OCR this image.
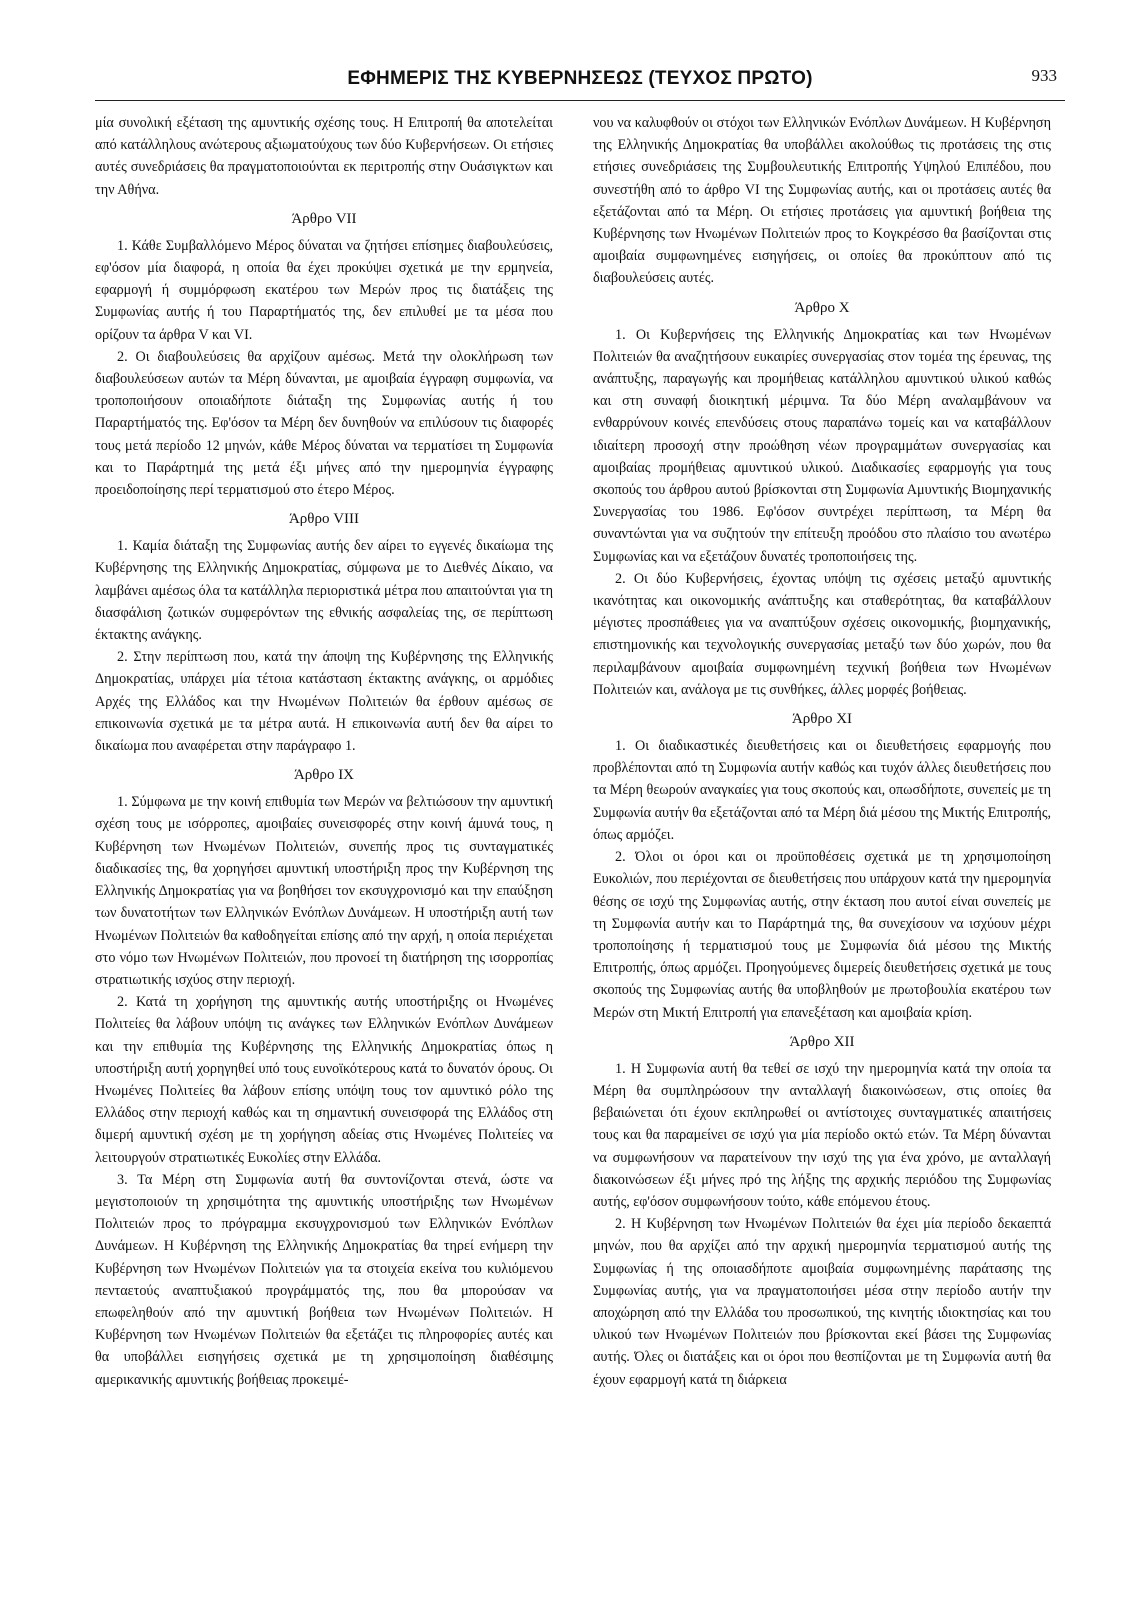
ΕΦΗΜΕΡΙΣ ΤΗΣ ΚΥΒΕΡΝΗΣΕΩΣ (ΤΕΥΧΟΣ ΠΡΩΤΟ)	933

μία συνολική εξέταση της αμυντικής σχέσης τους. Η Επιτροπή θα αποτελείται από κατάλληλους ανώτερους αξιωματούχους των δύο Κυβερνήσεων. Οι ετήσιες αυτές συνεδριάσεις θα πραγματοποιούνται εκ περιτροπής στην Ουάσιγκτων και την Αθήνα.

Άρθρο VII

1. Κάθε Συμβαλλόμενο Μέρος δύναται να ζητήσει επίσημες διαβουλεύσεις, εφ'όσον μία διαφορά, η οποία θα έχει προκύψει σχετικά με την ερμηνεία, εφαρμογή ή συμμόρφωση εκατέρου των Μερών προς τις διατάξεις της Συμφωνίας αυτής ή του Παραρτήματός της, δεν επιλυθεί με τα μέσα που ορίζουν τα άρθρα V και VI.

2. Οι διαβουλεύσεις θα αρχίζουν αμέσως. Μετά την ολοκλήρωση των διαβουλεύσεων αυτών τα Μέρη δύνανται, με αμοιβαία έγγραφη συμφωνία, να τροποποιήσουν οποιαδήποτε διάταξη της Συμφωνίας αυτής ή του Παραρτήματός της. Εφ'όσον τα Μέρη δεν δυνηθούν να επιλύσουν τις διαφορές τους μετά περίοδο 12 μηνών, κάθε Μέρος δύναται να τερματίσει τη Συμφωνία και το Παράρτημά της μετά έξι μήνες από την ημερομηνία έγγραφης προειδοποίησης περί τερματισμού στο έτερο Μέρος.

Άρθρο VIII

1. Καμία διάταξη της Συμφωνίας αυτής δεν αίρει το εγγενές δικαίωμα της Κυβέρνησης της Ελληνικής Δημοκρατίας, σύμφωνα με το Διεθνές Δίκαιο, να λαμβάνει αμέσως όλα τα κατάλληλα περιοριστικά μέτρα που απαιτούνται για τη διασφάλιση ζωτικών συμφερόντων της εθνικής ασφαλείας της, σε περίπτωση έκτακτης ανάγκης.

2. Στην περίπτωση που, κατά την άποψη της Κυβέρνησης της Ελληνικής Δημοκρατίας, υπάρχει μία τέτοια κατάσταση έκτακτης ανάγκης, οι αρμόδιες Αρχές της Ελλάδος και την Ηνωμένων Πολιτειών θα έρθουν αμέσως σε επικοινωνία σχετικά με τα μέτρα αυτά. Η επικοινωνία αυτή δεν θα αίρει το δικαίωμα που αναφέρεται στην παράγραφο 1.

Άρθρο IX

1. Σύμφωνα με την κοινή επιθυμία των Μερών να βελτιώσουν την αμυντική σχέση τους με ισόρροπες, αμοιβαίες συνεισφορές στην κοινή άμυνά τους, η Κυβέρνηση των Ηνωμένων Πολιτειών, συνεπής προς τις συνταγματικές διαδικασίες της, θα χορηγήσει αμυντική υποστήριξη προς την Κυβέρνηση της Ελληνικής Δημοκρατίας για να βοηθήσει τον εκσυγχρονισμό και την επαύξηση των δυνατοτήτων των Ελληνικών Ενόπλων Δυνάμεων. Η υποστήριξη αυτή των Ηνωμένων Πολιτειών θα καθοδηγείται επίσης από την αρχή, η οποία περιέχεται στο νόμο των Ηνωμένων Πολιτειών, που προνοεί τη διατήρηση της ισορροπίας στρατιωτικής ισχύος στην περιοχή.

2. Κατά τη χορήγηση της αμυντικής αυτής υποστήριξης οι Ηνωμένες Πολιτείες θα λάβουν υπόψη τις ανάγκες των Ελληνικών Ενόπλων Δυνάμεων και την επιθυμία της Κυβέρνησης της Ελληνικής Δημοκρατίας όπως η υποστήριξη αυτή χορηγηθεί υπό τους ευνοϊκότερους κατά το δυνατόν όρους. Οι Ηνωμένες Πολιτείες θα λάβουν επίσης υπόψη τους τον αμυντικό ρόλο της Ελλάδος στην περιοχή καθώς και τη σημαντική συνεισφορά της Ελλάδος στη διμερή αμυντική σχέση με τη χορήγηση αδείας στις Ηνωμένες Πολιτείες να λειτουργούν στρατιωτικές Ευκολίες στην Ελλάδα.

3. Τα Μέρη στη Συμφωνία αυτή θα συντονίζονται στενά, ώστε να μεγιστοποιούν τη χρησιμότητα της αμυντικής υποστήριξης των Ηνωμένων Πολιτειών προς το πρόγραμμα εκσυγχρονισμού των Ελληνικών Ενόπλων Δυνάμεων. Η Κυβέρνηση της Ελληνικής Δημοκρατίας θα τηρεί ενήμερη την Κυβέρνηση των Ηνωμένων Πολιτειών για τα στοιχεία εκείνα του κυλιόμενου πενταετούς αναπτυξιακού προγράμματός της, που θα μπορούσαν να επωφεληθούν από την αμυντική βοήθεια των Ηνωμένων Πολιτειών. Η Κυβέρνηση των Ηνωμένων Πολιτειών θα εξετάζει τις πληροφορίες αυτές και θα υποβάλλει εισηγήσεις σχετικά με τη χρησιμοποίηση διαθέσιμης αμερικανικής αμυντικής βοήθειας προκειμέ-

νου να καλυφθούν οι στόχοι των Ελληνικών Ενόπλων Δυνάμεων. Η Κυβέρνηση της Ελληνικής Δημοκρατίας θα υποβάλλει ακολούθως τις προτάσεις της στις ετήσιες συνεδριάσεις της Συμβουλευτικής Επιτροπής Υψηλού Επιπέδου, που συνεστήθη από το άρθρο VI της Συμφωνίας αυτής, και οι προτάσεις αυτές θα εξετάζονται από τα Μέρη. Οι ετήσιες προτάσεις για αμυντική βοήθεια της Κυβέρνησης των Ηνωμένων Πολιτειών προς το Κογκρέσσο θα βασίζονται στις αμοιβαία συμφωνημένες εισηγήσεις, οι οποίες θα προκύπτουν από τις διαβουλεύσεις αυτές.

Άρθρο X

1. Οι Κυβερνήσεις της Ελληνικής Δημοκρατίας και των Ηνωμένων Πολιτειών θα αναζητήσουν ευκαιρίες συνεργασίας στον τομέα της έρευνας, της ανάπτυξης, παραγωγής και προμήθειας κατάλληλου αμυντικού υλικού καθώς και στη συναφή διοικητική μέριμνα. Τα δύο Μέρη αναλαμβάνουν να ενθαρρύνουν κοινές επενδύσεις στους παραπάνω τομείς και να καταβάλλουν ιδιαίτερη προσοχή στην προώθηση νέων προγραμμάτων συνεργασίας και αμοιβαίας προμήθειας αμυντικού υλικού. Διαδικασίες εφαρμογής για τους σκοπούς του άρθρου αυτού βρίσκονται στη Συμφωνία Αμυντικής Βιομηχανικής Συνεργασίας του 1986. Εφ'όσον συντρέχει περίπτωση, τα Μέρη θα συναντώνται για να συζητούν την επίτευξη προόδου στο πλαίσιο του ανωτέρω Συμφωνίας και να εξετάζουν δυνατές τροποποιήσεις της.

2. Οι δύο Κυβερνήσεις, έχοντας υπόψη τις σχέσεις μεταξύ αμυντικής ικανότητας και οικονομικής ανάπτυξης και σταθερότητας, θα καταβάλλουν μέγιστες προσπάθειες για να αναπτύξουν σχέσεις οικονομικής, βιομηχανικής, επιστημονικής και τεχνολογικής συνεργασίας μεταξύ των δύο χωρών, που θα περιλαμβάνουν αμοιβαία συμφωνημένη τεχνική βοήθεια των Ηνωμένων Πολιτειών και, ανάλογα με τις συνθήκες, άλλες μορφές βοήθειας.

Άρθρο XI

1. Οι διαδικαστικές διευθετήσεις και οι διευθετήσεις εφαρμογής που προβλέπονται από τη Συμφωνία αυτήν καθώς και τυχόν άλλες διευθετήσεις που τα Μέρη θεωρούν αναγκαίες για τους σκοπούς και, οπωσδήποτε, συνεπείς με τη Συμφωνία αυτήν θα εξετάζονται από τα Μέρη διά μέσου της Μικτής Επιτροπής, όπως αρμόζει.

2. Όλοι οι όροι και οι προϋποθέσεις σχετικά με τη χρησιμοποίηση Ευκολιών, που περιέχονται σε διευθετήσεις που υπάρχουν κατά την ημερομηνία θέσης σε ισχύ της Συμφωνίας αυτής, στην έκταση που αυτοί είναι συνεπείς με τη Συμφωνία αυτήν και το Παράρτημά της, θα συνεχίσουν να ισχύουν μέχρι τροποποίησης ή τερματισμού τους με Συμφωνία διά μέσου της Μικτής Επιτροπής, όπως αρμόζει. Προηγούμενες διμερείς διευθετήσεις σχετικά με τους σκοπούς της Συμφωνίας αυτής θα υποβληθούν με πρωτοβουλία εκατέρου των Μερών στη Μικτή Επιτροπή για επανεξέταση και αμοιβαία κρίση.

Άρθρο XII

1. Η Συμφωνία αυτή θα τεθεί σε ισχύ την ημερομηνία κατά την οποία τα Μέρη θα συμπληρώσουν την ανταλλαγή διακοινώσεων, στις οποίες θα βεβαιώνεται ότι έχουν εκπληρωθεί οι αντίστοιχες συνταγματικές απαιτήσεις τους και θα παραμείνει σε ισχύ για μία περίοδο οκτώ ετών. Τα Μέρη δύνανται να συμφωνήσουν να παρατείνουν την ισχύ της για ένα χρόνο, με ανταλλαγή διακοινώσεων έξι μήνες πρό της λήξης της αρχικής περιόδου της Συμφωνίας αυτής, εφ'όσον συμφωνήσουν τούτο, κάθε επόμενου έτους.

2. Η Κυβέρνηση των Ηνωμένων Πολιτειών θα έχει μία περίοδο δεκαεπτά μηνών, που θα αρχίζει από την αρχική ημερομηνία τερματισμού αυτής της Συμφωνίας ή της οποιασδήποτε αμοιβαία συμφωνημένης παράτασης της Συμφωνίας αυτής, για να πραγματοποιήσει μέσα στην περίοδο αυτήν την αποχώρηση από την Ελλάδα του προσωπικού, της κινητής ιδιοκτησίας και του υλικού των Ηνωμένων Πολιτειών που βρίσκονται εκεί βάσει της Συμφωνίας αυτής. Όλες οι διατάξεις και οι όροι που θεσπίζονται με τη Συμφωνία αυτή θα έχουν εφαρμογή κατά τη διάρκεια
